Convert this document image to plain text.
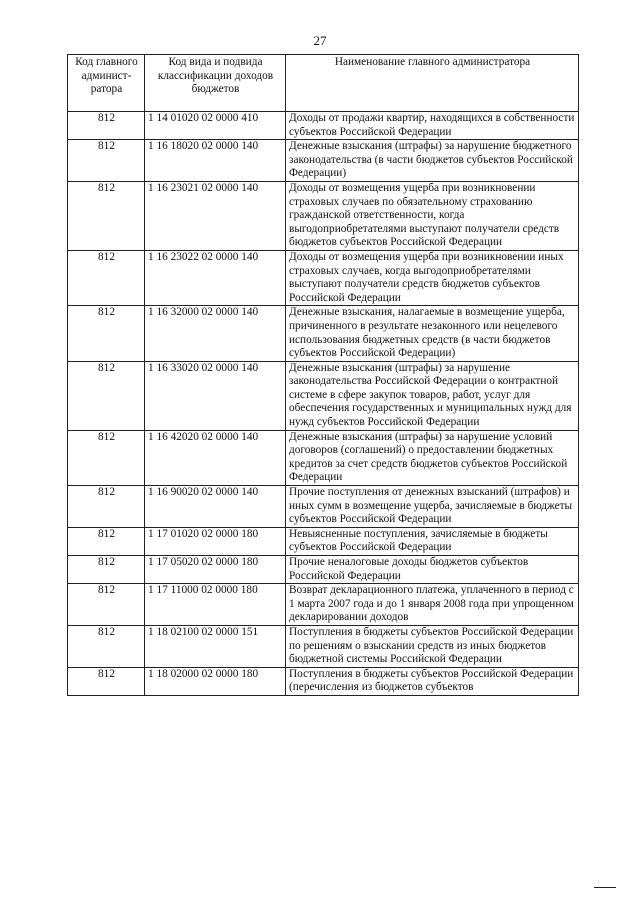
27
Код главного админист-ратора	Код вида и подвида классификации доходов бюджетов	Наименование главного администратора
812	1 14 01020 02 0000 410	Доходы от продажи квартир, находящихся в собственности субъектов Российской Федерации
812	1 16 18020 02 0000 140	Денежные взыскания (штрафы) за нарушение бюджетного законодательства (в части бюджетов субъектов Российской Федерации)
812	1 16 23021 02 0000 140	Доходы от возмещения ущерба при возникновении страховых случаев по обязательному страхованию гражданской ответственности, когда выгодоприобретателями выступают получатели средств бюджетов субъектов Российской Федерации
812	1 16 23022 02 0000 140	Доходы от возмещения ущерба при возникновении иных страховых случаев, когда выгодоприобретателями выступают получатели средств бюджетов субъектов Российской Федерации
812	1 16 32000 02 0000 140	Денежные взыскания, налагаемые в возмещение ущерба, причиненного в результате незаконного или нецелевого использования бюджетных средств (в части бюджетов субъектов Российской Федерации)
812	1 16 33020 02 0000 140	Денежные взыскания (штрафы) за нарушение законодательства Российской Федерации о контрактной системе в сфере закупок товаров, работ, услуг для обеспечения государственных и муниципальных нужд для нужд субъектов Российской Федерации
812	1 16 42020 02 0000 140	Денежные взыскания (штрафы) за нарушение условий договоров (соглашений) о предоставлении бюджетных кредитов за счет средств бюджетов субъектов Российской Федерации
812	1 16 90020 02 0000 140	Прочие поступления от денежных взысканий (штрафов) и иных сумм в возмещение ущерба, зачисляемые в бюджеты субъектов Российской Федерации
812	1 17 01020 02 0000 180	Невыясненные поступления, зачисляемые в бюджеты субъектов Российской Федерации
812	1 17 05020 02 0000 180	Прочие неналоговые доходы бюджетов субъектов Российской Федерации
812	1 17 11000 02 0000 180	Возврат декларационного платежа, уплаченного в период с 1 марта 2007 года и до 1 января 2008 года при упрощенном декларировании доходов
812	1 18 02100 02 0000 151	Поступления в бюджеты субъектов Российской Федерации по решениям о взыскании средств из иных бюджетов бюджетной системы Российской Федерации
812	1 18 02000 02 0000 180	Поступления в бюджеты субъектов Российской Федерации (перечисления из бюджетов субъектов
